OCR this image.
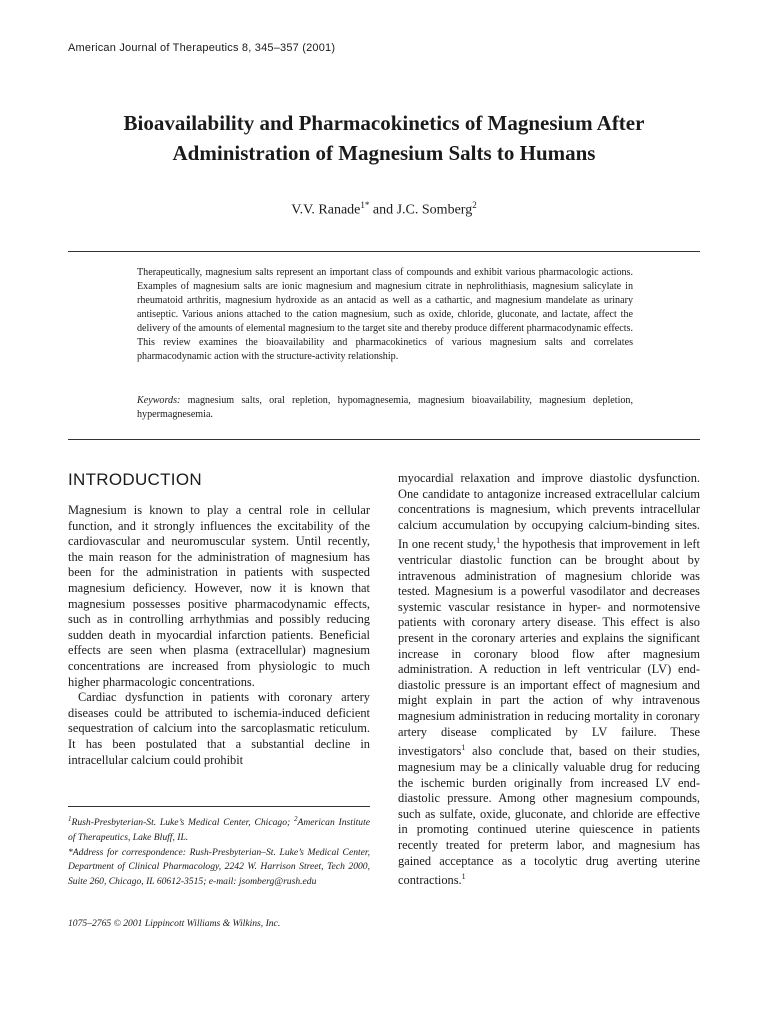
American Journal of Therapeutics 8, 345–357 (2001)
Bioavailability and Pharmacokinetics of Magnesium After
Administration of Magnesium Salts to Humans
V.V. Ranade$^{1*}$ and J.C. Somberg$^2$
Therapeutically, magnesium salts represent an important class of compounds and exhibit various pharmacologic actions. Examples of magnesium salts are ionic magnesium and magnesium citrate in nephrolithiasis, magnesium salicylate in rheumatoid arthritis, magnesium hydroxide as an antacid as well as a cathartic, and magnesium mandelate as urinary antiseptic. Various anions attached to the cation magnesium, such as oxide, chloride, gluconate, and lactate, affect the delivery of the amounts of elemental magnesium to the target site and thereby produce different pharmacodynamic effects. This review examines the bioavailability and pharmacokinetics of various magnesium salts and correlates pharmacodynamic action with the structure-activity relationship.
Keywords: magnesium salts, oral repletion, hypomagnesemia, magnesium bioavailability, magnesium depletion, hypermagnesemia.
INTRODUCTION

Magnesium is known to play a central role in cellular function, and it strongly influences the excitability of the cardiovascular and neuromuscular system. Until recently, the main reason for the administration of magnesium has been for the administration in patients with suspected magnesium deficiency. However, now it is known that magnesium possesses positive pharmacodynamic effects, such as in controlling arrhythmias and possibly reducing sudden death in myocardial infarction patients. Beneficial effects are seen when plasma (extracellular) magnesium concentrations are increased from physiologic to much higher pharmacologic concentrations.

Cardiac dysfunction in patients with coronary artery diseases could be attributed to ischemia-induced deficient sequestration of calcium into the sarcoplasmatic reticulum. It has been postulated that a substantial decline in intracellular calcium could prohibit

myocardial relaxation and improve diastolic dysfunction. One candidate to antagonize increased extracellular calcium concentrations is magnesium, which prevents intracellular calcium accumulation by occupying calcium-binding sites. In one recent study,$^1$ the hypothesis that improvement in left ventricular diastolic function can be brought about by intravenous administration of magnesium chloride was tested. Magnesium is a powerful vasodilator and decreases systemic vascular resistance in hyper- and normotensive patients with coronary artery disease. This effect is also present in the coronary arteries and explains the significant increase in coronary blood flow after magnesium administration. A reduction in left ventricular (LV) end-diastolic pressure is an important effect of magnesium and might explain in part the action of why intravenous magnesium administration in reducing mortality in coronary artery disease complicated by LV failure. These investigators$^1$ also conclude that, based on their studies, magnesium may be a clinically valuable drug for reducing the ischemic burden originally from increased LV end-diastolic pressure. Among other magnesium compounds, such as sulfate, oxide, gluconate, and chloride are effective in promoting continued uterine quiescence in patients recently treated for preterm labor, and magnesium has gained acceptance as a tocolytic drug averting uterine contractions.$^1$

$^1$Rush-Presbyterian-St. Luke’s Medical Center, Chicago; $^2$American Institute of Therapeutics, Lake Bluff, IL.

*Address for correspondence: Rush-Presbyterian–St. Luke’s Medical Center, Department of Clinical Pharmacology, 2242 W. Harrison Street, Tech 2000, Suite 260, Chicago, IL 60612-3515; e-mail: jsomberg@rush.edu

1075–2765 © 2001 Lippincott Williams & Wilkins, Inc.
